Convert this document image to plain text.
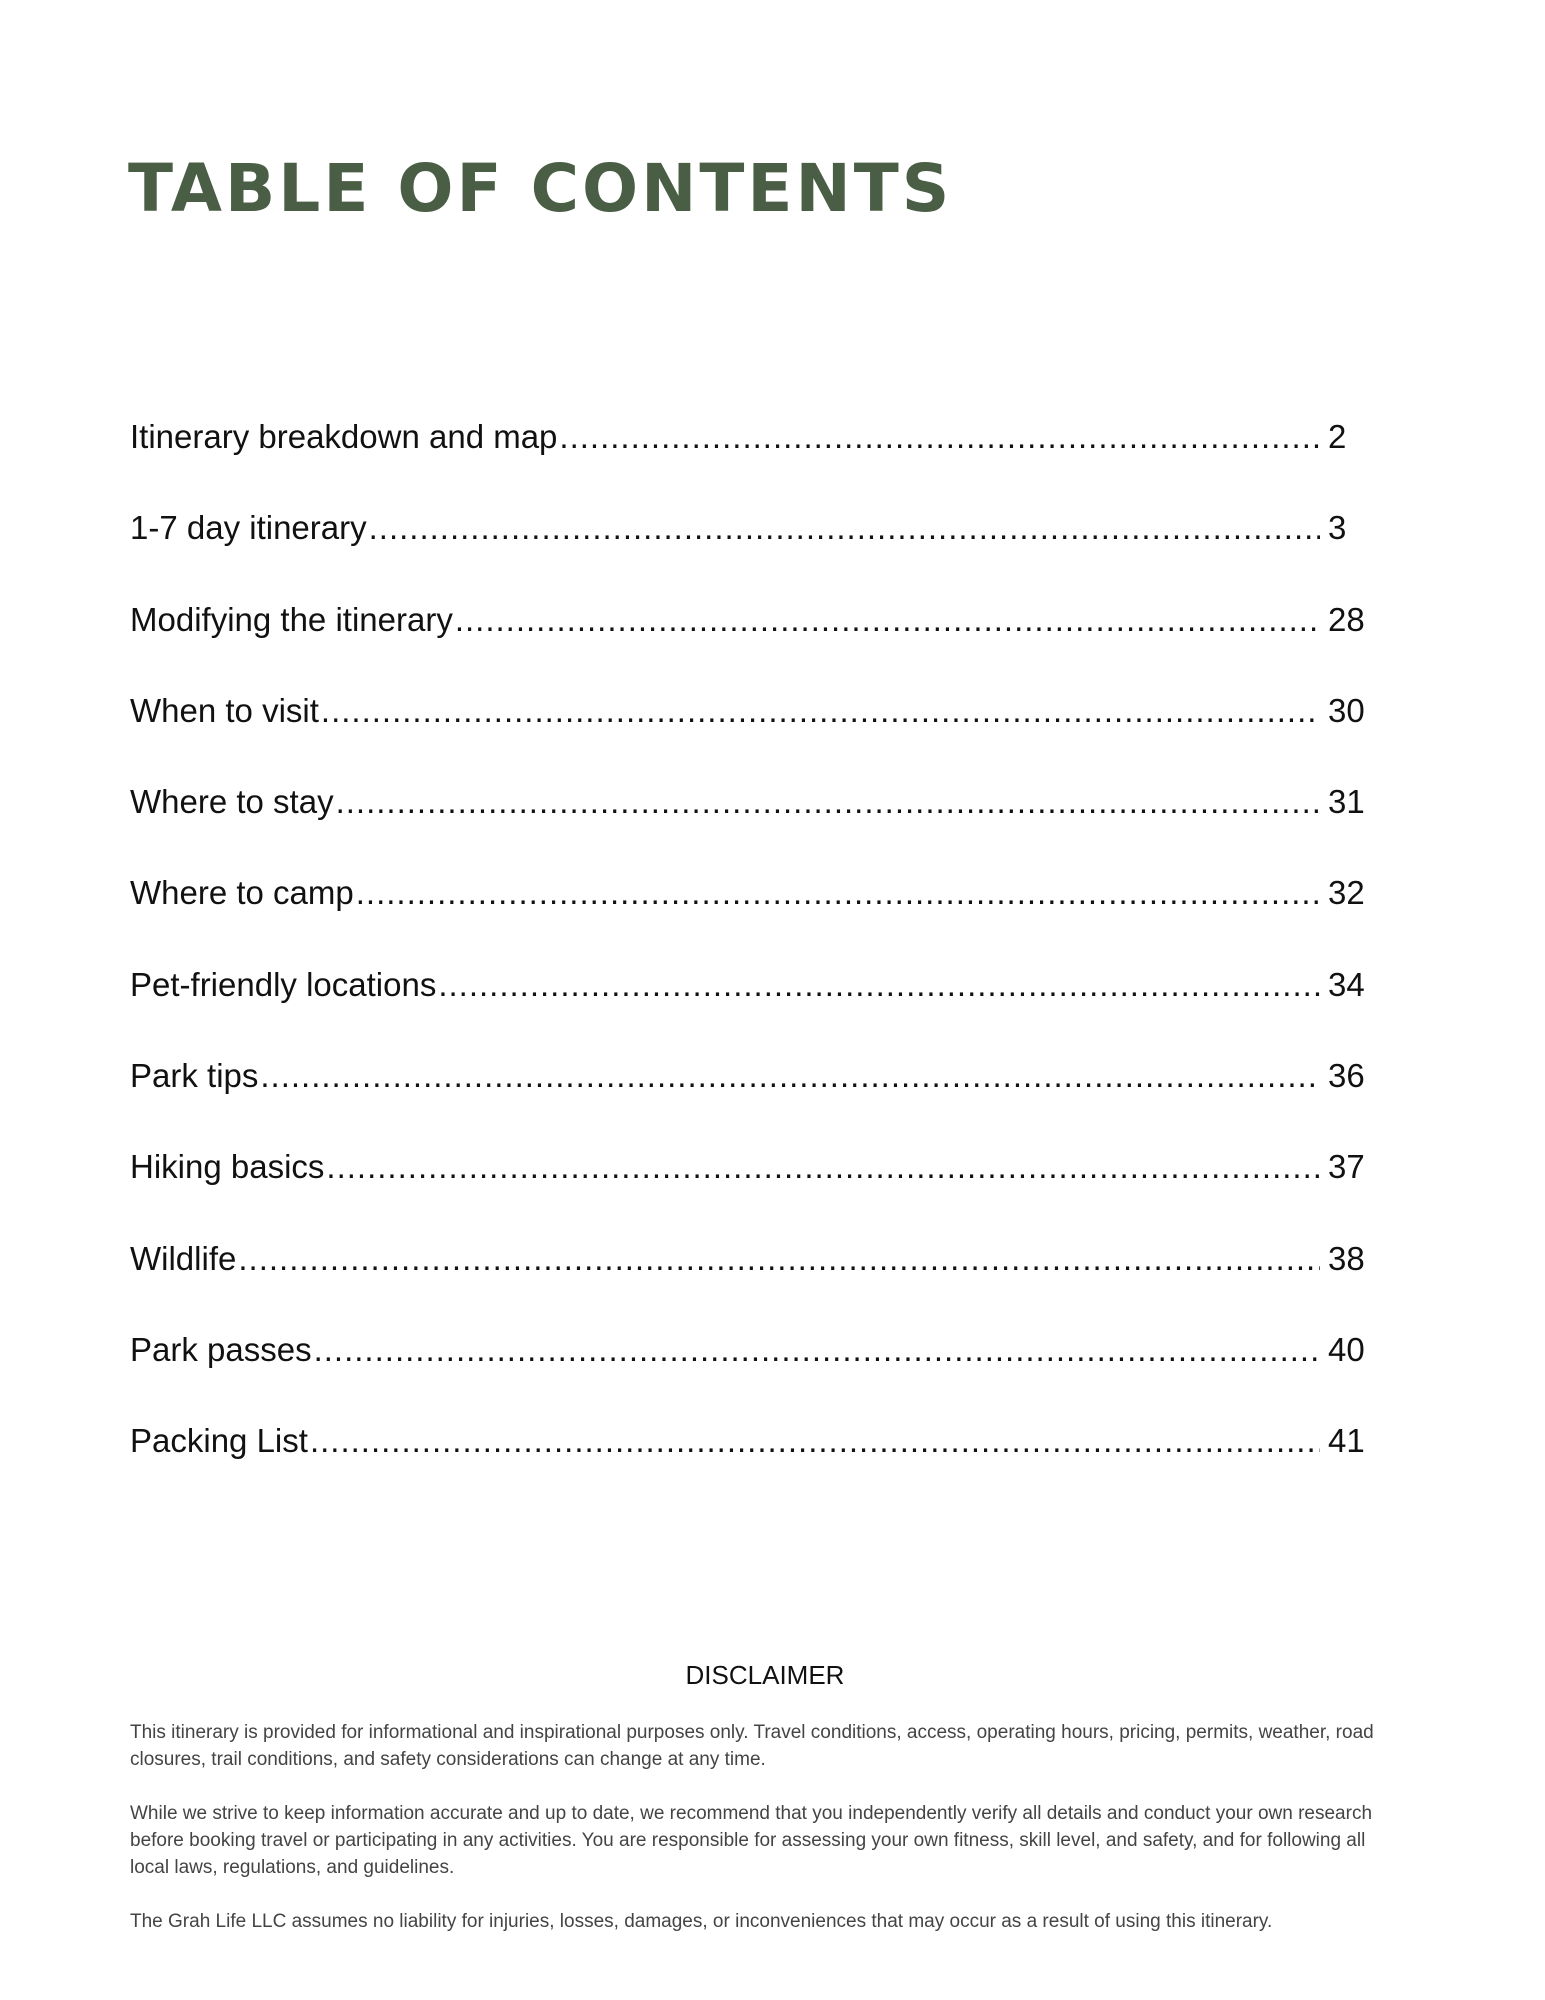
TABLE OF CONTENTS
Itinerary breakdown and map .....	2
1-7 day itinerary .....	3
Modifying the itinerary .....	28
When to visit .....	30
Where to stay .....	31
Where to camp .....	32
Pet-friendly locations .....	34
Park tips .....	36
Hiking basics .....	37
Wildlife .....	38
Park passes .....	40
Packing List .....	41
DISCLAIMER

This itinerary is provided for informational and inspirational purposes only. Travel conditions, access, operating hours, pricing, permits, weather, road closures, trail conditions, and safety considerations can change at any time.

While we strive to keep information accurate and up to date, we recommend that you independently verify all details and conduct your own research before booking travel or participating in any activities. You are responsible for assessing your own fitness, skill level, and safety, and for following all local laws, regulations, and guidelines.

The Grah Life LLC assumes no liability for injuries, losses, damages, or inconveniences that may occur as a result of using this itinerary.
